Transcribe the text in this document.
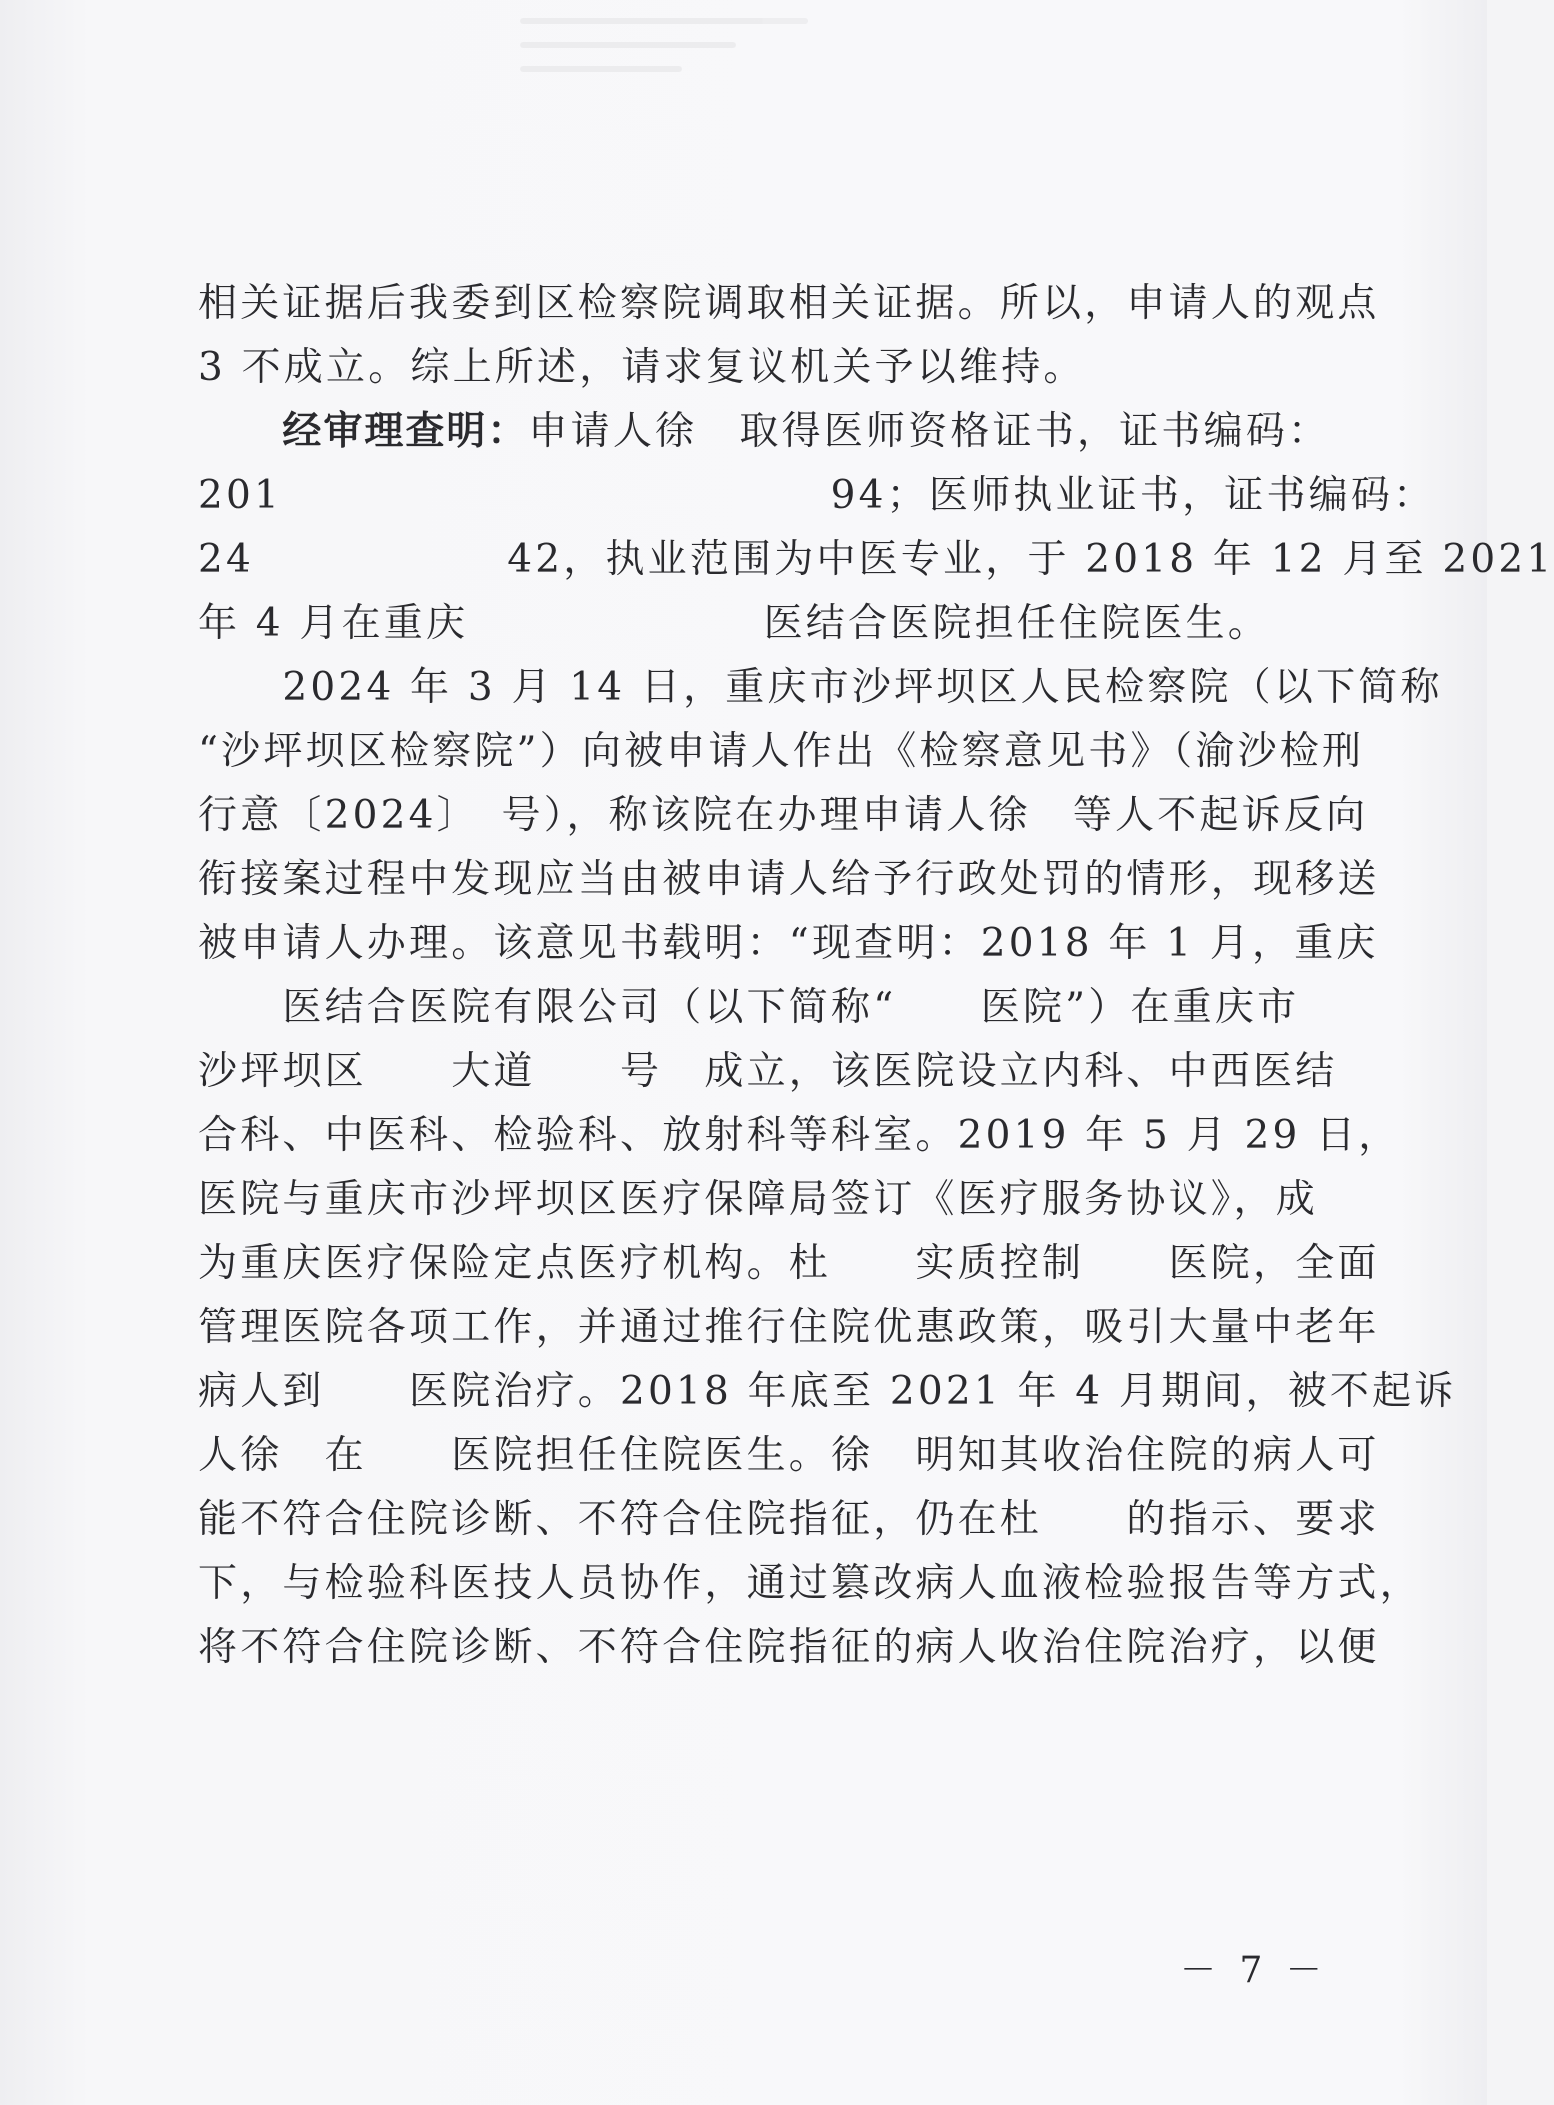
相关证据后我委到区检察院调取相关证据。所以，申请人的观点
3 不成立。综上所述，请求复议机关予以维持。
　　经审理查明：申请人徐　取得医师资格证书，证书编码：
201　　　　　　　　　　　　　94；医师执业证书，证书编码：
24　　　　　　42，执业范围为中医专业，于 2018 年 12 月至 2021
年 4 月在重庆　　　　　　　医结合医院担任住院医生。
　　2024 年 3 月 14 日，重庆市沙坪坝区人民检察院（以下简称
“沙坪坝区检察院”）向被申请人作出《检察意见书》（渝沙检刑
行意〔2024〕　号），称该院在办理申请人徐　等人不起诉反向
衔接案过程中发现应当由被申请人给予行政处罚的情形，现移送
被申请人办理。该意见书载明：“现查明：2018 年 1 月，重庆
　　医结合医院有限公司（以下简称“　　医院”）在重庆市
沙坪坝区　　大道　　号　成立，该医院设立内科、中西医结
合科、中医科、检验科、放射科等科室。2019 年 5 月 29 日，
医院与重庆市沙坪坝区医疗保障局签订《医疗服务协议》，成
为重庆医疗保险定点医疗机构。杜　　实质控制　　医院，全面
管理医院各项工作，并通过推行住院优惠政策，吸引大量中老年
病人到　　医院治疗。2018 年底至 2021 年 4 月期间，被不起诉
人徐　在　　医院担任住院医生。徐　明知其收治住院的病人可
能不符合住院诊断、不符合住院指征，仍在杜　　的指示、要求
下，与检验科医技人员协作，通过篡改病人血液检验报告等方式，
将不符合住院诊断、不符合住院指征的病人收治住院治疗，以便
－ 7 －
